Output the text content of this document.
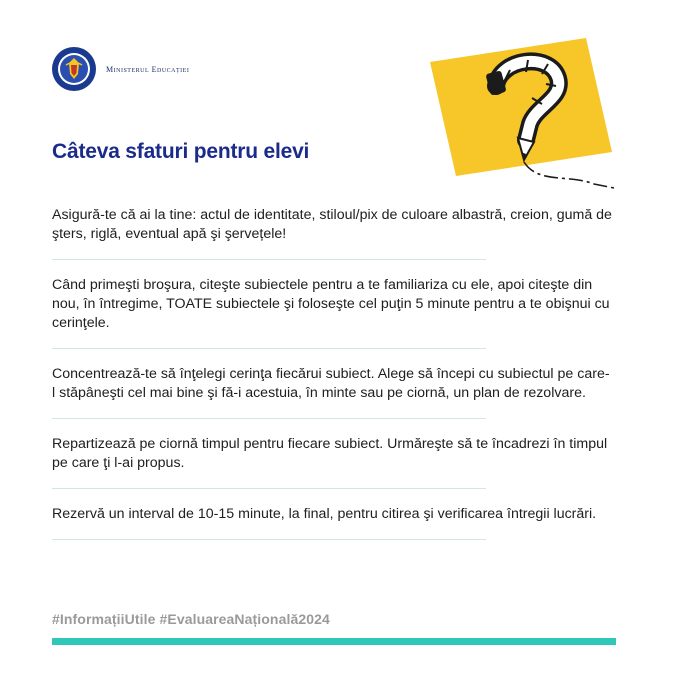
Ministerul Educației
Câteva sfaturi pentru elevi
Asigură-te că ai la tine: actul de identitate, stiloul/pix de culoare albastră, creion, gumă de şters, riglă, eventual apă şi şervețele!
Când primeşti broşura, citeşte subiectele pentru a te familiariza cu ele, apoi citeşte din nou, în întregime, TOATE subiectele şi foloseşte cel puţin 5 minute pentru a te obişnui cu cerinţele.
Concentrează-te să înţelegi cerinţa fiecărui subiect. Alege să începi cu subiectul pe care-l stăpâneşti cel mai bine şi fă-i acestuia, în minte sau pe ciornă, un plan de rezolvare.
Repartizează pe ciornă timpul pentru fiecare subiect. Urmăreşte să te încadrezi în timpul pe care ţi l-ai propus.
Rezervă un interval de 10-15 minute, la final, pentru citirea şi verificarea întregii lucrări.
#InformațiiUtile #EvaluareaNațională2024
